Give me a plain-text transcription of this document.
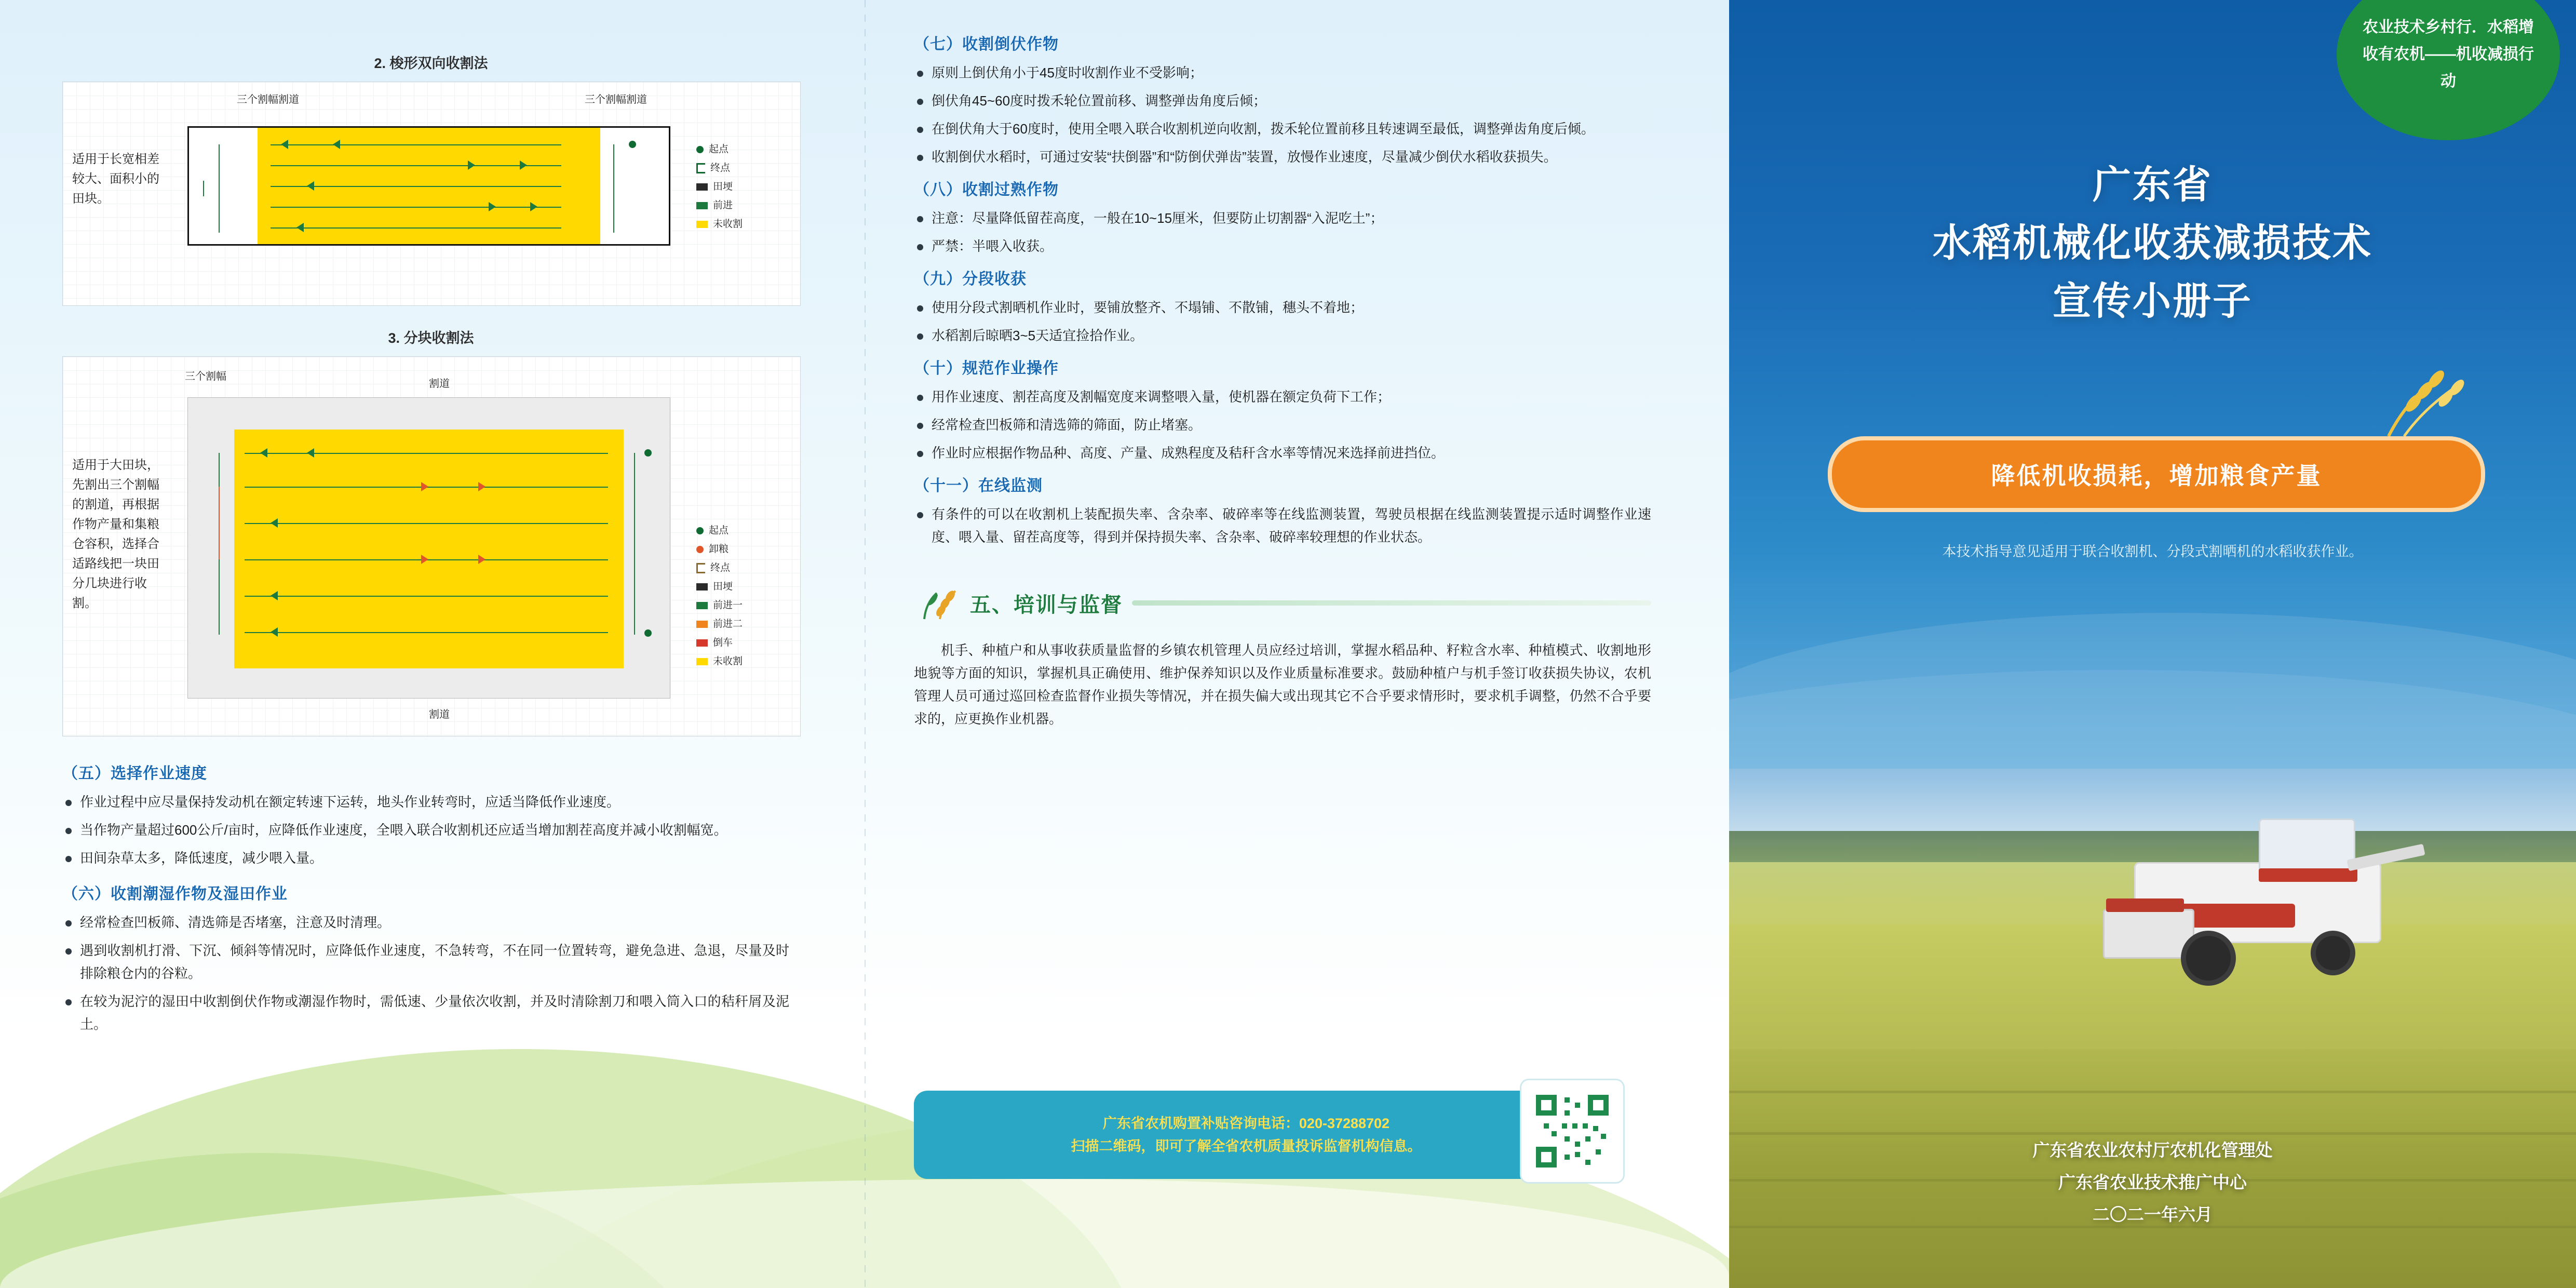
2. 梭形双向收割法
适用于长宽相差较大、面积小的田块。
三个割幅割道	三个割幅割道
起点
终点
田埂
前进
未收割
3. 分块收割法
适用于大田块，先割出三个割幅的割道，再根据作物产量和集粮仓容积，选择合适路线把一块田分几块进行收割。
三个割幅
割道
割道
起点
卸粮
终点
田埂
前进一
前进二
倒车
未收割
（五）选择作业速度
作业过程中应尽量保持发动机在额定转速下运转，地头作业转弯时，应适当降低作业速度。
当作物产量超过600公斤/亩时，应降低作业速度，全喂入联合收割机还应适当增加割茬高度并减小收割幅宽。
田间杂草太多，降低速度，减少喂入量。
（六）收割潮湿作物及湿田作业
经常检查凹板筛、清选筛是否堵塞，注意及时清理。
遇到收割机打滑、下沉、倾斜等情况时，应降低作业速度，不急转弯，不在同一位置转弯，避免急进、急退，尽量及时排除粮仓内的谷粒。
在较为泥泞的湿田中收割倒伏作物或潮湿作物时，需低速、少量依次收割，并及时清除割刀和喂入筒入口的秸秆屑及泥土。
（七）收割倒伏作物
原则上倒伏角小于45度时收割作业不受影响；
倒伏角45~60度时拨禾轮位置前移、调整弹齿角度后倾；
在倒伏角大于60度时，使用全喂入联合收割机逆向收割，拨禾轮位置前移且转速调至最低，调整弹齿角度后倾。
收割倒伏水稻时，可通过安装“扶倒器”和“防倒伏弹齿”装置，放慢作业速度，尽量减少倒伏水稻收获损失。
（八）收割过熟作物
注意：尽量降低留茬高度，一般在10~15厘米，但要防止切割器“入泥吃土”；
严禁：半喂入收获。
（九）分段收获
使用分段式割晒机作业时，要铺放整齐、不塌铺、不散铺，穗头不着地；
水稻割后晾晒3~5天适宜捡拾作业。
（十）规范作业操作
用作业速度、割茬高度及割幅宽度来调整喂入量，使机器在额定负荷下工作；
经常检查凹板筛和清选筛的筛面，防止堵塞。
作业时应根据作物品种、高度、产量、成熟程度及秸秆含水率等情况来选择前进挡位。
（十一）在线监测
有条件的可以在收割机上装配损失率、含杂率、破碎率等在线监测装置，驾驶员根据在线监测装置提示适时调整作业速度、喂入量、留茬高度等，得到并保持损失率、含杂率、破碎率较理想的作业状态。
五、培训与监督
机手、种植户和从事收获质量监督的乡镇农机管理人员应经过培训，掌握水稻品种、籽粒含水率、种植模式、收割地形地貌等方面的知识，掌握机具正确使用、维护保养知识以及作业质量标准要求。鼓励种植户与机手签订收获损失协议，农机管理人员可通过巡回检查监督作业损失等情况，并在损失偏大或出现其它不合乎要求情形时，要求机手调整，仍然不合乎要求的，应更换作业机器。
广东省农机购置补贴咨询电话：020-37288702
扫描二维码，即可了解全省农机质量投诉监督机构信息。
农业技术乡村行．水稻增收有农机——机收减损行动
广东省
水稻机械化收获减损技术
宣传小册子
降低机收损耗，增加粮食产量
本技术指导意见适用于联合收割机、分段式割晒机的水稻收获作业。
广东省农业农村厅农机化管理处
广东省农业技术推广中心
二〇二一年六月
